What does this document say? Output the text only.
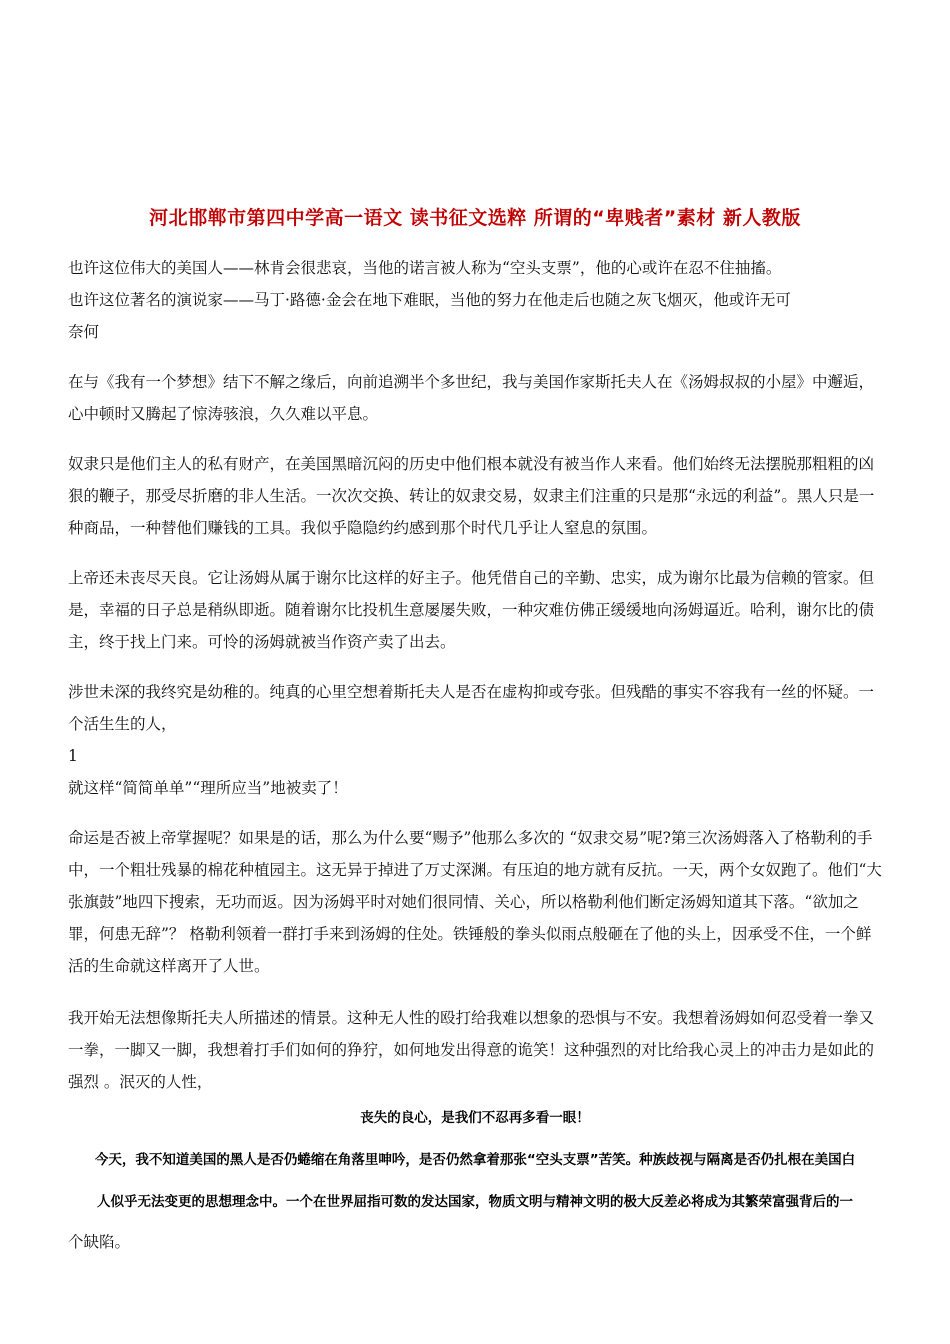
河北邯郸市第四中学高一语文 读书征文选粹 所谓的“卑贱者”素材 新人教版
也许这位伟大的美国人——林肯会很悲哀，当他的诺言被人称为“空头支票”，他的心或许在忍不住抽搐。
也许这位著名的演说家——马丁·路德·金会在地下难眠，当他的努力在他走后也随之灰飞烟灭，他或许无可
奈何

在与《我有一个梦想》结下不解之缘后，向前追溯半个多世纪，我与美国作家斯托夫人在《汤姆叔叔的小屋》中邂逅，心中顿时又腾起了惊涛骇浪，久久难以平息。

奴隶只是他们主人的私有财产，在美国黑暗沉闷的历史中他们根本就没有被当作人来看。他们始终无法摆脱那粗粗的凶狠的鞭子，那受尽折磨的非人生活。一次次交换、转让的奴隶交易，奴隶主们注重的只是那“永远的利益”。黑人只是一种商品，一种替他们赚钱的工具。我似乎隐隐约约感到那个时代几乎让人窒息的氛围。

上帝还未丧尽天良。它让汤姆从属于谢尔比这样的好主子。他凭借自己的辛勤、忠实，成为谢尔比最为信赖的管家。但是，幸福的日子总是稍纵即逝。随着谢尔比投机生意屡屡失败，一种灾难仿佛正缓缓地向汤姆逼近。哈利，谢尔比的债主，终于找上门来。可怜的汤姆就被当作资产卖了出去。

涉世未深的我终究是幼稚的。纯真的心里空想着斯托夫人是否在虚构抑或夸张。但残酷的事实不容我有一丝的怀疑。一个活生生的人，

1
就这样“简简单单”“理所应当”地被卖了！

命运是否被上帝掌握呢？如果是的话，那么为什么要“赐予”他那么多次的 “奴隶交易”呢?第三次汤姆落入了格勒利的手中，一个粗壮残暴的棉花种植园主。这无异于掉进了万丈深渊。有压迫的地方就有反抗。一天，两个女奴跑了。他们“大张旗鼓”地四下搜索，无功而返。因为汤姆平时对她们很同情、关心，所以格勒利他们断定汤姆知道其下落。“欲加之罪，何患无辞”？ 格勒利领着一群打手来到汤姆的住处。铁锤般的拳头似雨点般砸在了他的头上，因承受不住，一个鲜活的生命就这样离开了人世。

我开始无法想像斯托夫人所描述的情景。这种无人性的殴打给我难以想象的恐惧与不安。我想着汤姆如何忍受着一拳又一拳，一脚又一脚，我想着打手们如何的狰狞，如何地发出得意的诡笑！这种强烈的对比给我心灵上的冲击力是如此的强烈 。泯灭的人性，

丧失的良心，是我们不忍再多看一眼！
今天，我不知道美国的黑人是否仍蜷缩在角落里呻吟，是否仍然拿着那张“空头支票”苦笑。种族歧视与隔离是否仍扎根在美国白
人似乎无法变更的思想理念中。一个在世界屈指可数的发达国家，物质文明与精神文明的极大反差必将成为其繁荣富强背后的一
个缺陷。
